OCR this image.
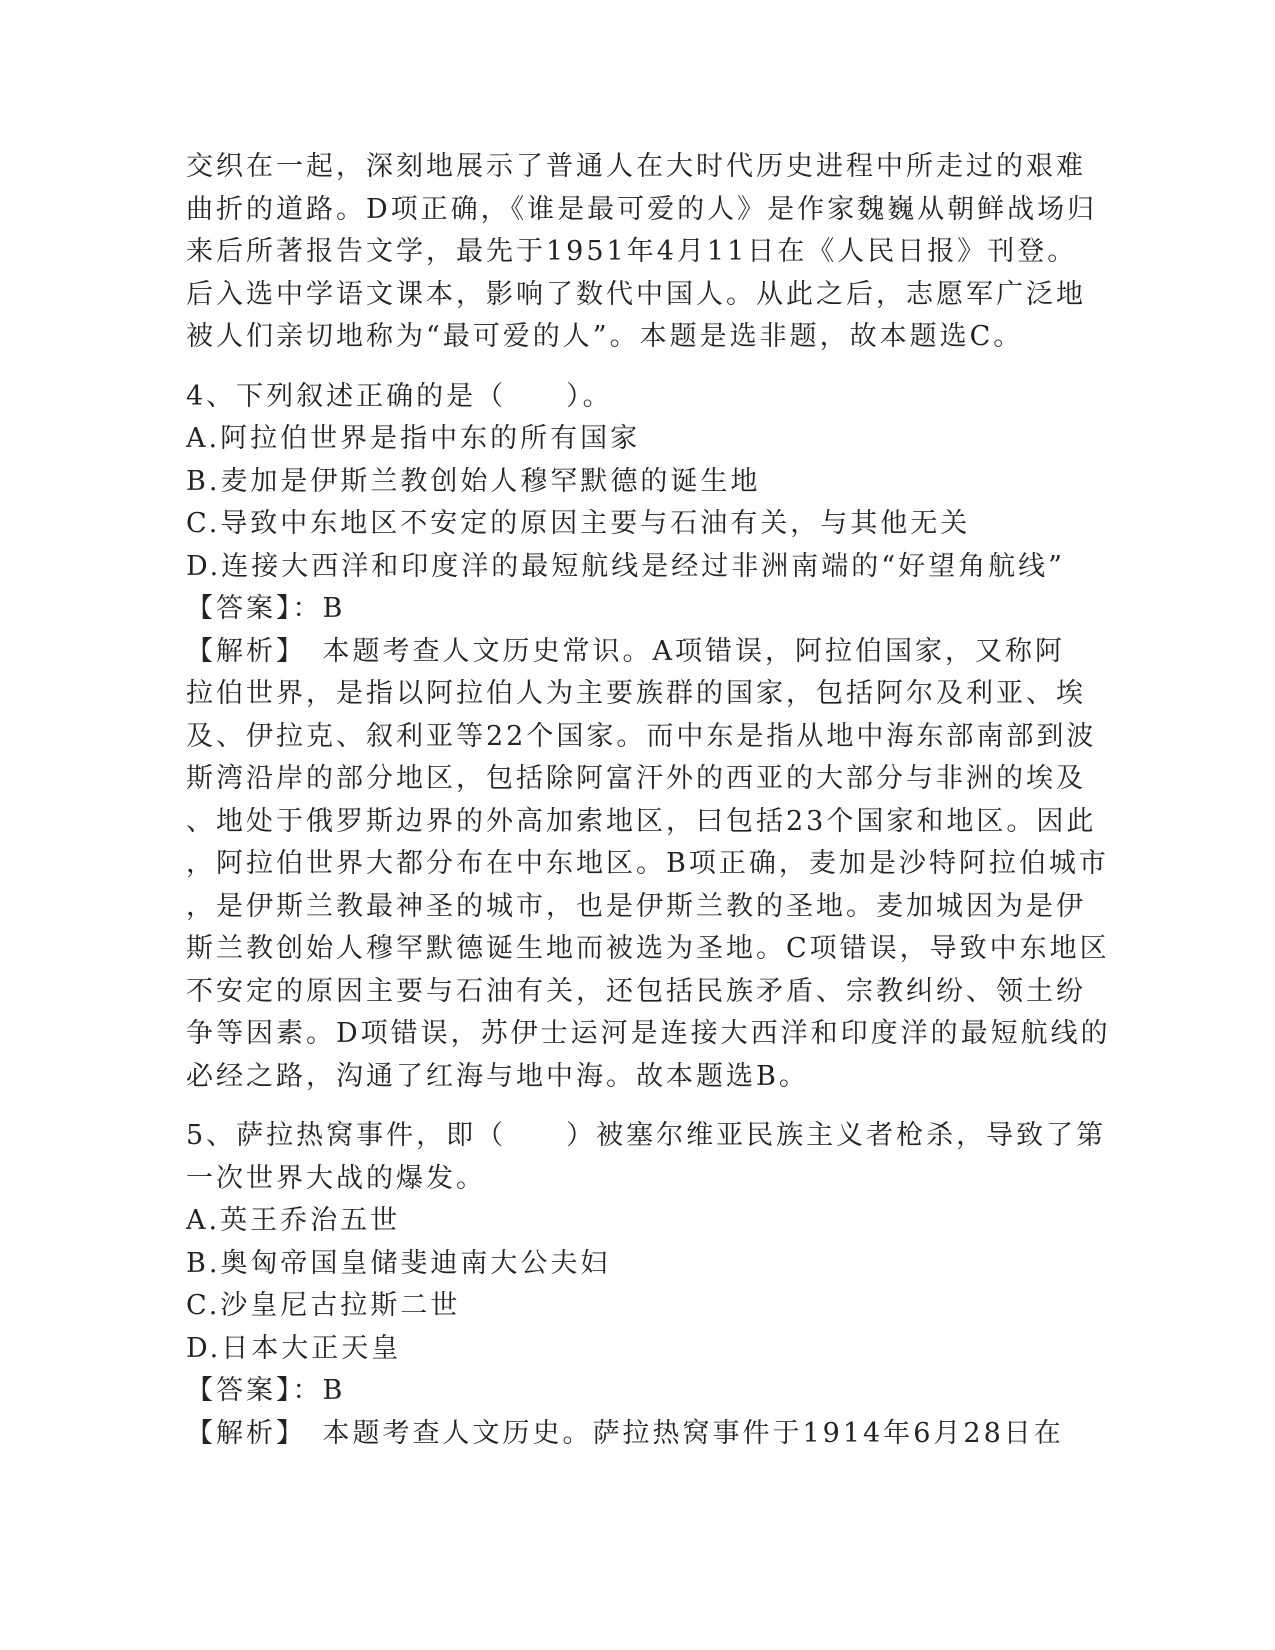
交织在一起，深刻地展示了普通人在大时代历史进程中所走过的艰难
曲折的道路。D项正确，《谁是最可爱的人》是作家魏巍从朝鲜战场归
来后所著报告文学，最先于1951年4月11日在《人民日报》刊登。
后入选中学语文课本，影响了数代中国人。从此之后，志愿军广泛地
被人们亲切地称为“最可爱的人”。本题是选非题，故本题选C。
4、下列叙述正确的是（　　）。
A.阿拉伯世界是指中东的所有国家
B.麦加是伊斯兰教创始人穆罕默德的诞生地
C.导致中东地区不安定的原因主要与石油有关，与其他无关
D.连接大西洋和印度洋的最短航线是经过非洲南端的“好望角航线”
【答案】：B
【解析】　本题考查人文历史常识。A项错误，阿拉伯国家，又称阿
拉伯世界，是指以阿拉伯人为主要族群的国家，包括阿尔及利亚、埃
及、伊拉克、叙利亚等22个国家。而中东是指从地中海东部南部到波
斯湾沿岸的部分地区，包括除阿富汗外的西亚的大部分与非洲的埃及
、地处于俄罗斯边界的外高加索地区，曰包括23个国家和地区。因此
，阿拉伯世界大都分布在中东地区。B项正确，麦加是沙特阿拉伯城市
，是伊斯兰教最神圣的城市，也是伊斯兰教的圣地。麦加城因为是伊
斯兰教创始人穆罕默德诞生地而被选为圣地。C项错误，导致中东地区
不安定的原因主要与石油有关，还包括民族矛盾、宗教纠纷、领土纷
争等因素。D项错误，苏伊士运河是连接大西洋和印度洋的最短航线的
必经之路，沟通了红海与地中海。故本题选B。
5、萨拉热窝事件，即（　　）被塞尔维亚民族主义者枪杀，导致了第
一次世界大战的爆发。
A.英王乔治五世
B.奥匈帝国皇储斐迪南大公夫妇
C.沙皇尼古拉斯二世
D.日本大正天皇
【答案】：B
【解析】　本题考查人文历史。萨拉热窝事件于1914年6月28日在
